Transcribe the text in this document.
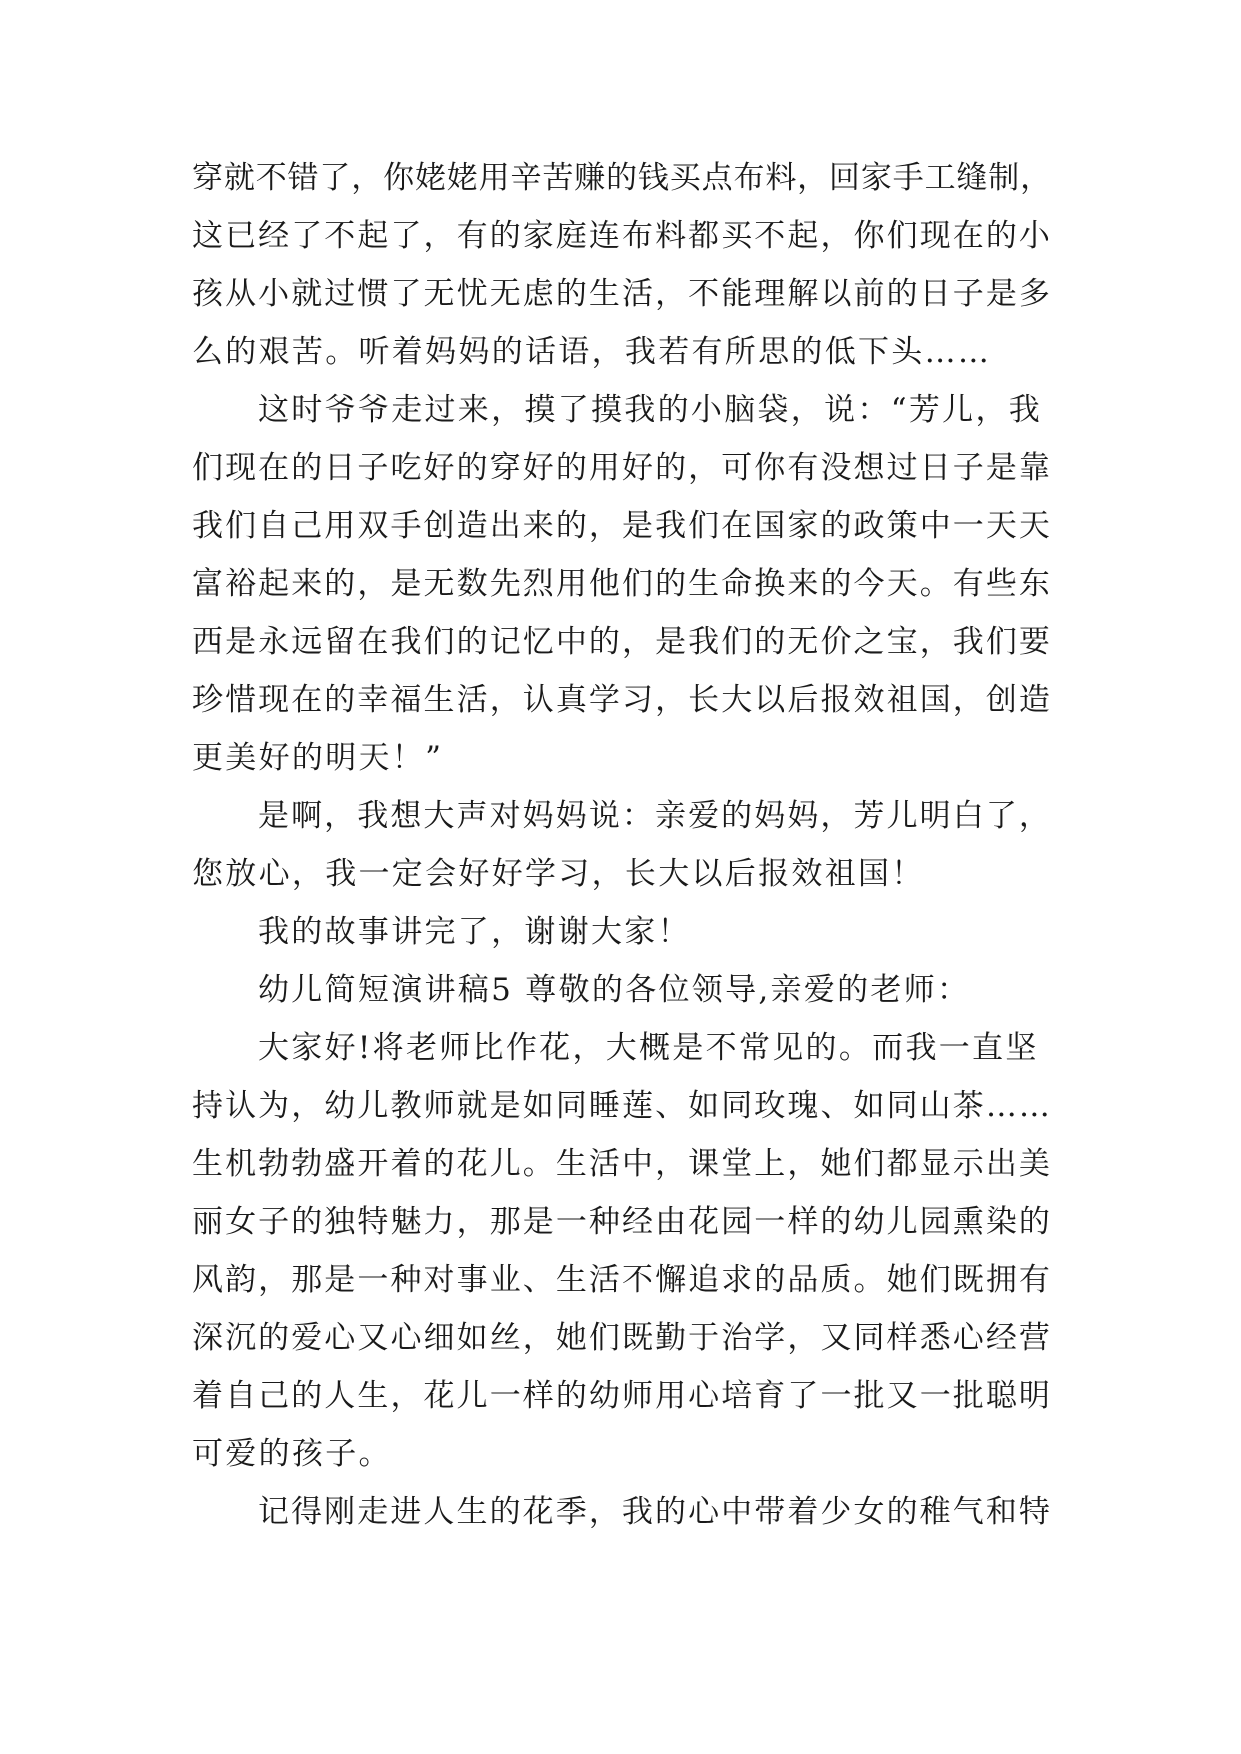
穿就不错了，你姥姥用辛苦赚的钱买点布料，回家手工缝制，
这已经了不起了，有的家庭连布料都买不起，你们现在的小
孩从小就过惯了无忧无虑的生活，不能理解以前的日子是多
么的艰苦。听着妈妈的话语，我若有所思的低下头……
这时爷爷走过来，摸了摸我的小脑袋，说：“芳儿，我
们现在的日子吃好的穿好的用好的，可你有没想过日子是靠
我们自己用双手创造出来的，是我们在国家的政策中一天天
富裕起来的，是无数先烈用他们的生命换来的今天。有些东
西是永远留在我们的记忆中的，是我们的无价之宝，我们要
珍惜现在的幸福生活，认真学习，长大以后报效祖国，创造
更美好的明天！”
是啊，我想大声对妈妈说：亲爱的妈妈，芳儿明白了，
您放心，我一定会好好学习，长大以后报效祖国！
我的故事讲完了，谢谢大家！
幼儿简短演讲稿5 尊敬的各位领导,亲爱的老师：
大家好!将老师比作花，大概是不常见的。而我一直坚
持认为，幼儿教师就是如同睡莲、如同玫瑰、如同山茶……
生机勃勃盛开着的花儿。生活中，课堂上，她们都显示出美
丽女子的独特魅力，那是一种经由花园一样的幼儿园熏染的
风韵，那是一种对事业、生活不懈追求的品质。她们既拥有
深沉的爱心又心细如丝，她们既勤于治学，又同样悉心经营
着自己的人生，花儿一样的幼师用心培育了一批又一批聪明
可爱的孩子。
记得刚走进人生的花季，我的心中带着少女的稚气和特
